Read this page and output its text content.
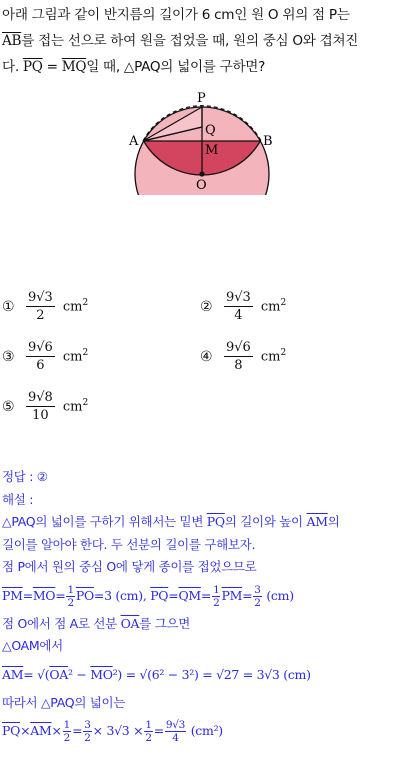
아래 그림과 같이 반지름의 길이가 6 cm인 원 O 위의 점 P는
$\overline{AB}$를 접는 선으로 하여 원을 접었을 때, 원의 중심 O와 겹쳐진
다. $\overline{PQ} = \overline{MQ}$일 때, △PAQ의 넓이를 구하면?
P
Q
A	B
M
O
① $\frac{9√3}{2} cm^2$	② $\frac{9√3}{4} cm^2$
③ $\frac{9√6}{6} cm^2$	④ $\frac{9√6}{8} cm^2$
⑤ $\frac{9√8}{10} cm^2$
정답 : ②
해설 :
△PAQ의 넓이를 구하기 위해서는 밑변 $\overline{PQ}$의 길이와 높이 $\overline{AM}$의
길이를 알아야 한다. 두 선분의 길이를 구해보자.
점 P에서 원의 중심 O에 닿게 종이를 접었으므로
$\overline{PM}=\overline{MO}= \frac{1}{2} \overline{PO}=3$ (cm), $\overline{PQ}=\overline{QM}= \frac{1}{2} \overline{PM}= \frac{3}{2} (cm)$
점 O에서 점 A로 선분 $\overline{OA}$를 그으면
△OAM에서
$\overline{AM}= √(\overline{OA}^2 - \overline{MO}^2) = √(6^2 - 3^2) = √27 = 3√3$ (cm)
따라서 △PAQ의 넓이는
$\overline{PQ}\times\overline{AM}\times \frac{1}{2} = \frac{3}{2} \times 3√3 \times \frac{1}{2} = \frac{9√3}{4} (cm^2)$
